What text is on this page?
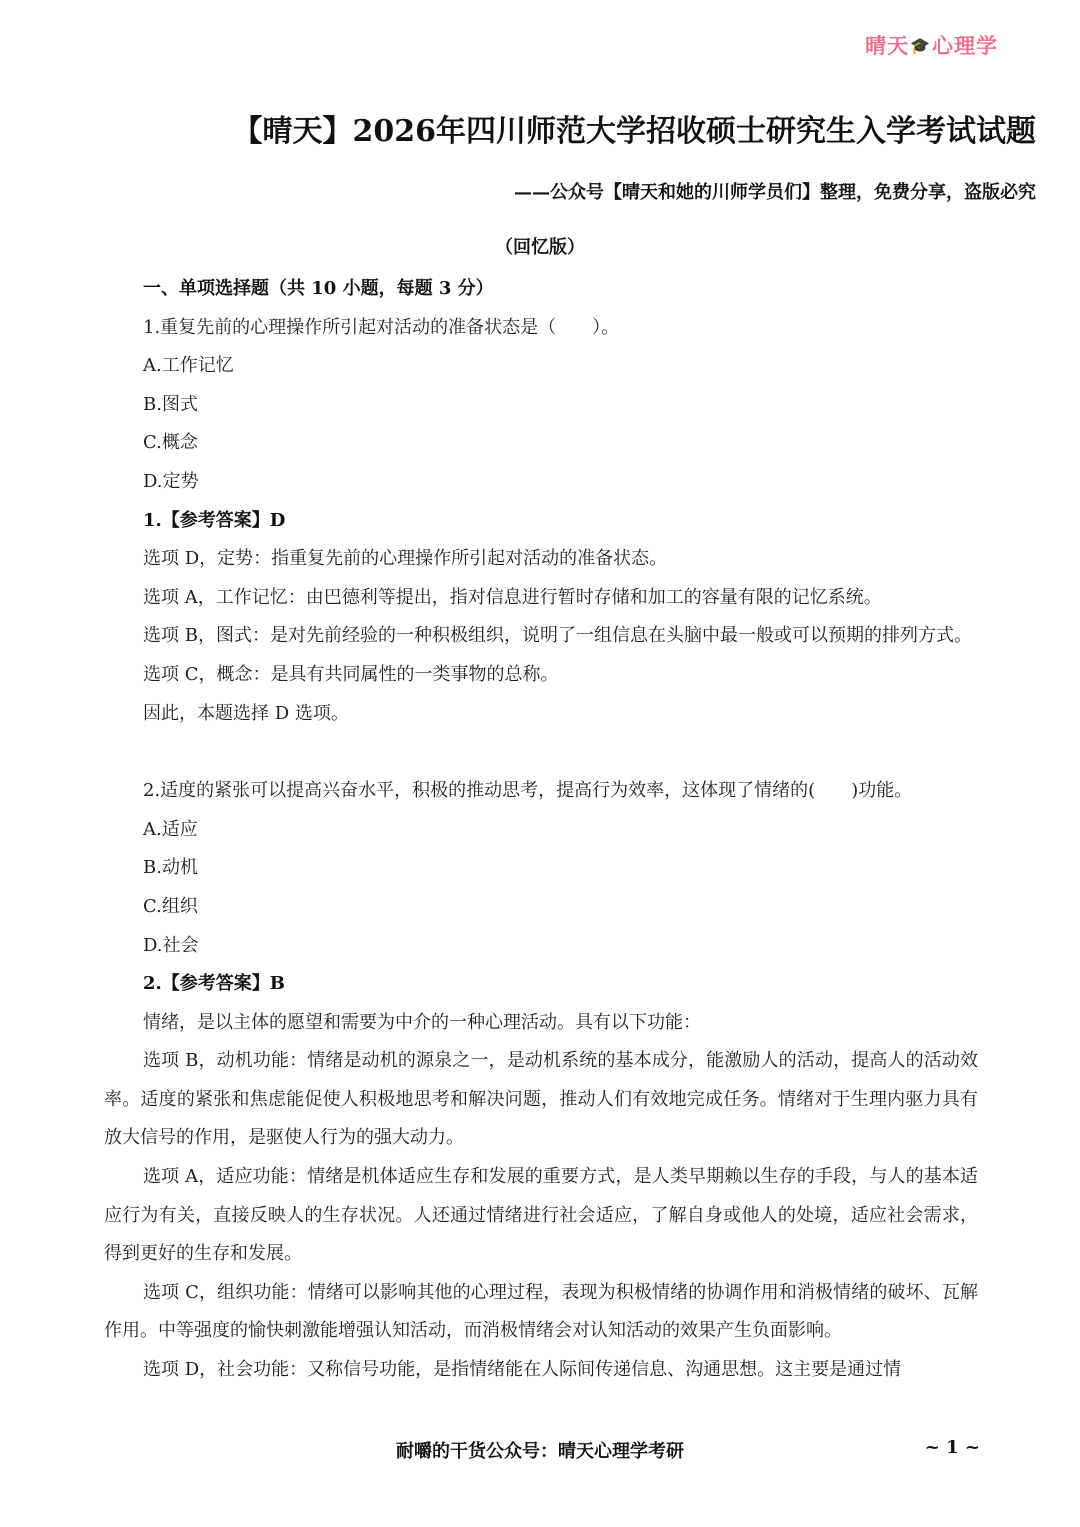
晴天 🎓 心理学
【晴天】2026年四川师范大学招收硕士研究生入学考试试题
——公众号【晴天和她的川师学员们】整理，免费分享，盗版必究
（回忆版）

一、单项选择题（共 10 小题，每题 3 分）

1.重复先前的心理操作所引起对活动的准备状态是（　　）。

A.工作记忆

B.图式

C.概念

D.定势

1.【参考答案】D

选项 D，定势：指重复先前的心理操作所引起对活动的准备状态。

选项 A，工作记忆：由巴德利等提出，指对信息进行暂时存储和加工的容量有限的记忆系统。

选项 B，图式：是对先前经验的一种积极组织，说明了一组信息在头脑中最一般或可以预期的排列方式。

选项 C，概念：是具有共同属性的一类事物的总称。

因此，本题选择 D 选项。

2.适度的紧张可以提高兴奋水平，积极的推动思考，提高行为效率，这体现了情绪的(　　)功能。

A.适应

B.动机

C.组织

D.社会

2.【参考答案】B

情绪，是以主体的愿望和需要为中介的一种心理活动。具有以下功能：

选项 B，动机功能：情绪是动机的源泉之一，是动机系统的基本成分，能激励人的活动，提高人的活动效率。适度的紧张和焦虑能促使人积极地思考和解决问题，推动人们有效地完成任务。情绪对于生理内驱力具有放大信号的作用，是驱使人行为的强大动力。

选项 A，适应功能：情绪是机体适应生存和发展的重要方式，是人类早期赖以生存的手段，与人的基本适应行为有关，直接反映人的生存状况。人还通过情绪进行社会适应，了解自身或他人的处境，适应社会需求，得到更好的生存和发展。

选项 C，组织功能：情绪可以影响其他的心理过程，表现为积极情绪的协调作用和消极情绪的破坏、瓦解作用。中等强度的愉快刺激能增强认知活动，而消极情绪会对认知活动的效果产生负面影响。

选项 D，社会功能：又称信号功能，是指情绪能在人际间传递信息、沟通思想。这主要是通过情

耐嚼的干货公众号：晴天心理学考研	~ 1 ~
